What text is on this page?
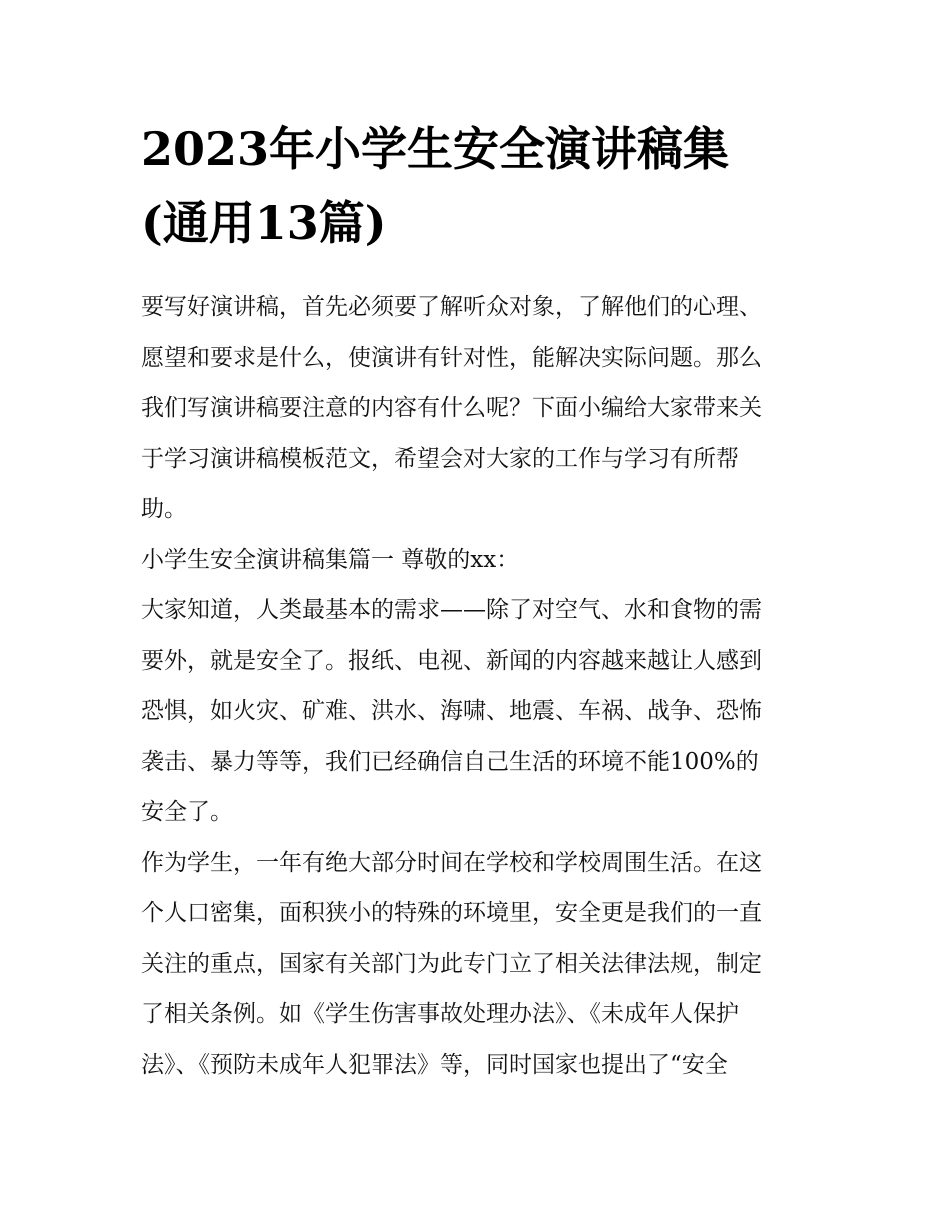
2023年小学生安全演讲稿集
(通用13篇)

要写好演讲稿，首先必须要了解听众对象，了解他们的心理、
愿望和要求是什么，使演讲有针对性，能解决实际问题。那么
我们写演讲稿要注意的内容有什么呢？下面小编给大家带来关
于学习演讲稿模板范文，希望会对大家的工作与学习有所帮
助。

小学生安全演讲稿集篇一 尊敬的xx：

大家知道，人类最基本的需求——除了对空气、水和食物的需
要外，就是安全了。报纸、电视、新闻的内容越来越让人感到
恐惧，如火灾、矿难、洪水、海啸、地震、车祸、战争、恐怖
袭击、暴力等等，我们已经确信自己生活的环境不能100%的
安全了。

作为学生，一年有绝大部分时间在学校和学校周围生活。在这
个人口密集，面积狭小的特殊的环境里，安全更是我们的一直
关注的重点，国家有关部门为此专门立了相关法律法规，制定
了相关条例。如《学生伤害事故处理办法》、《未成年人保护
法》、《预防未成年人犯罪法》等，同时国家也提出了“安全
